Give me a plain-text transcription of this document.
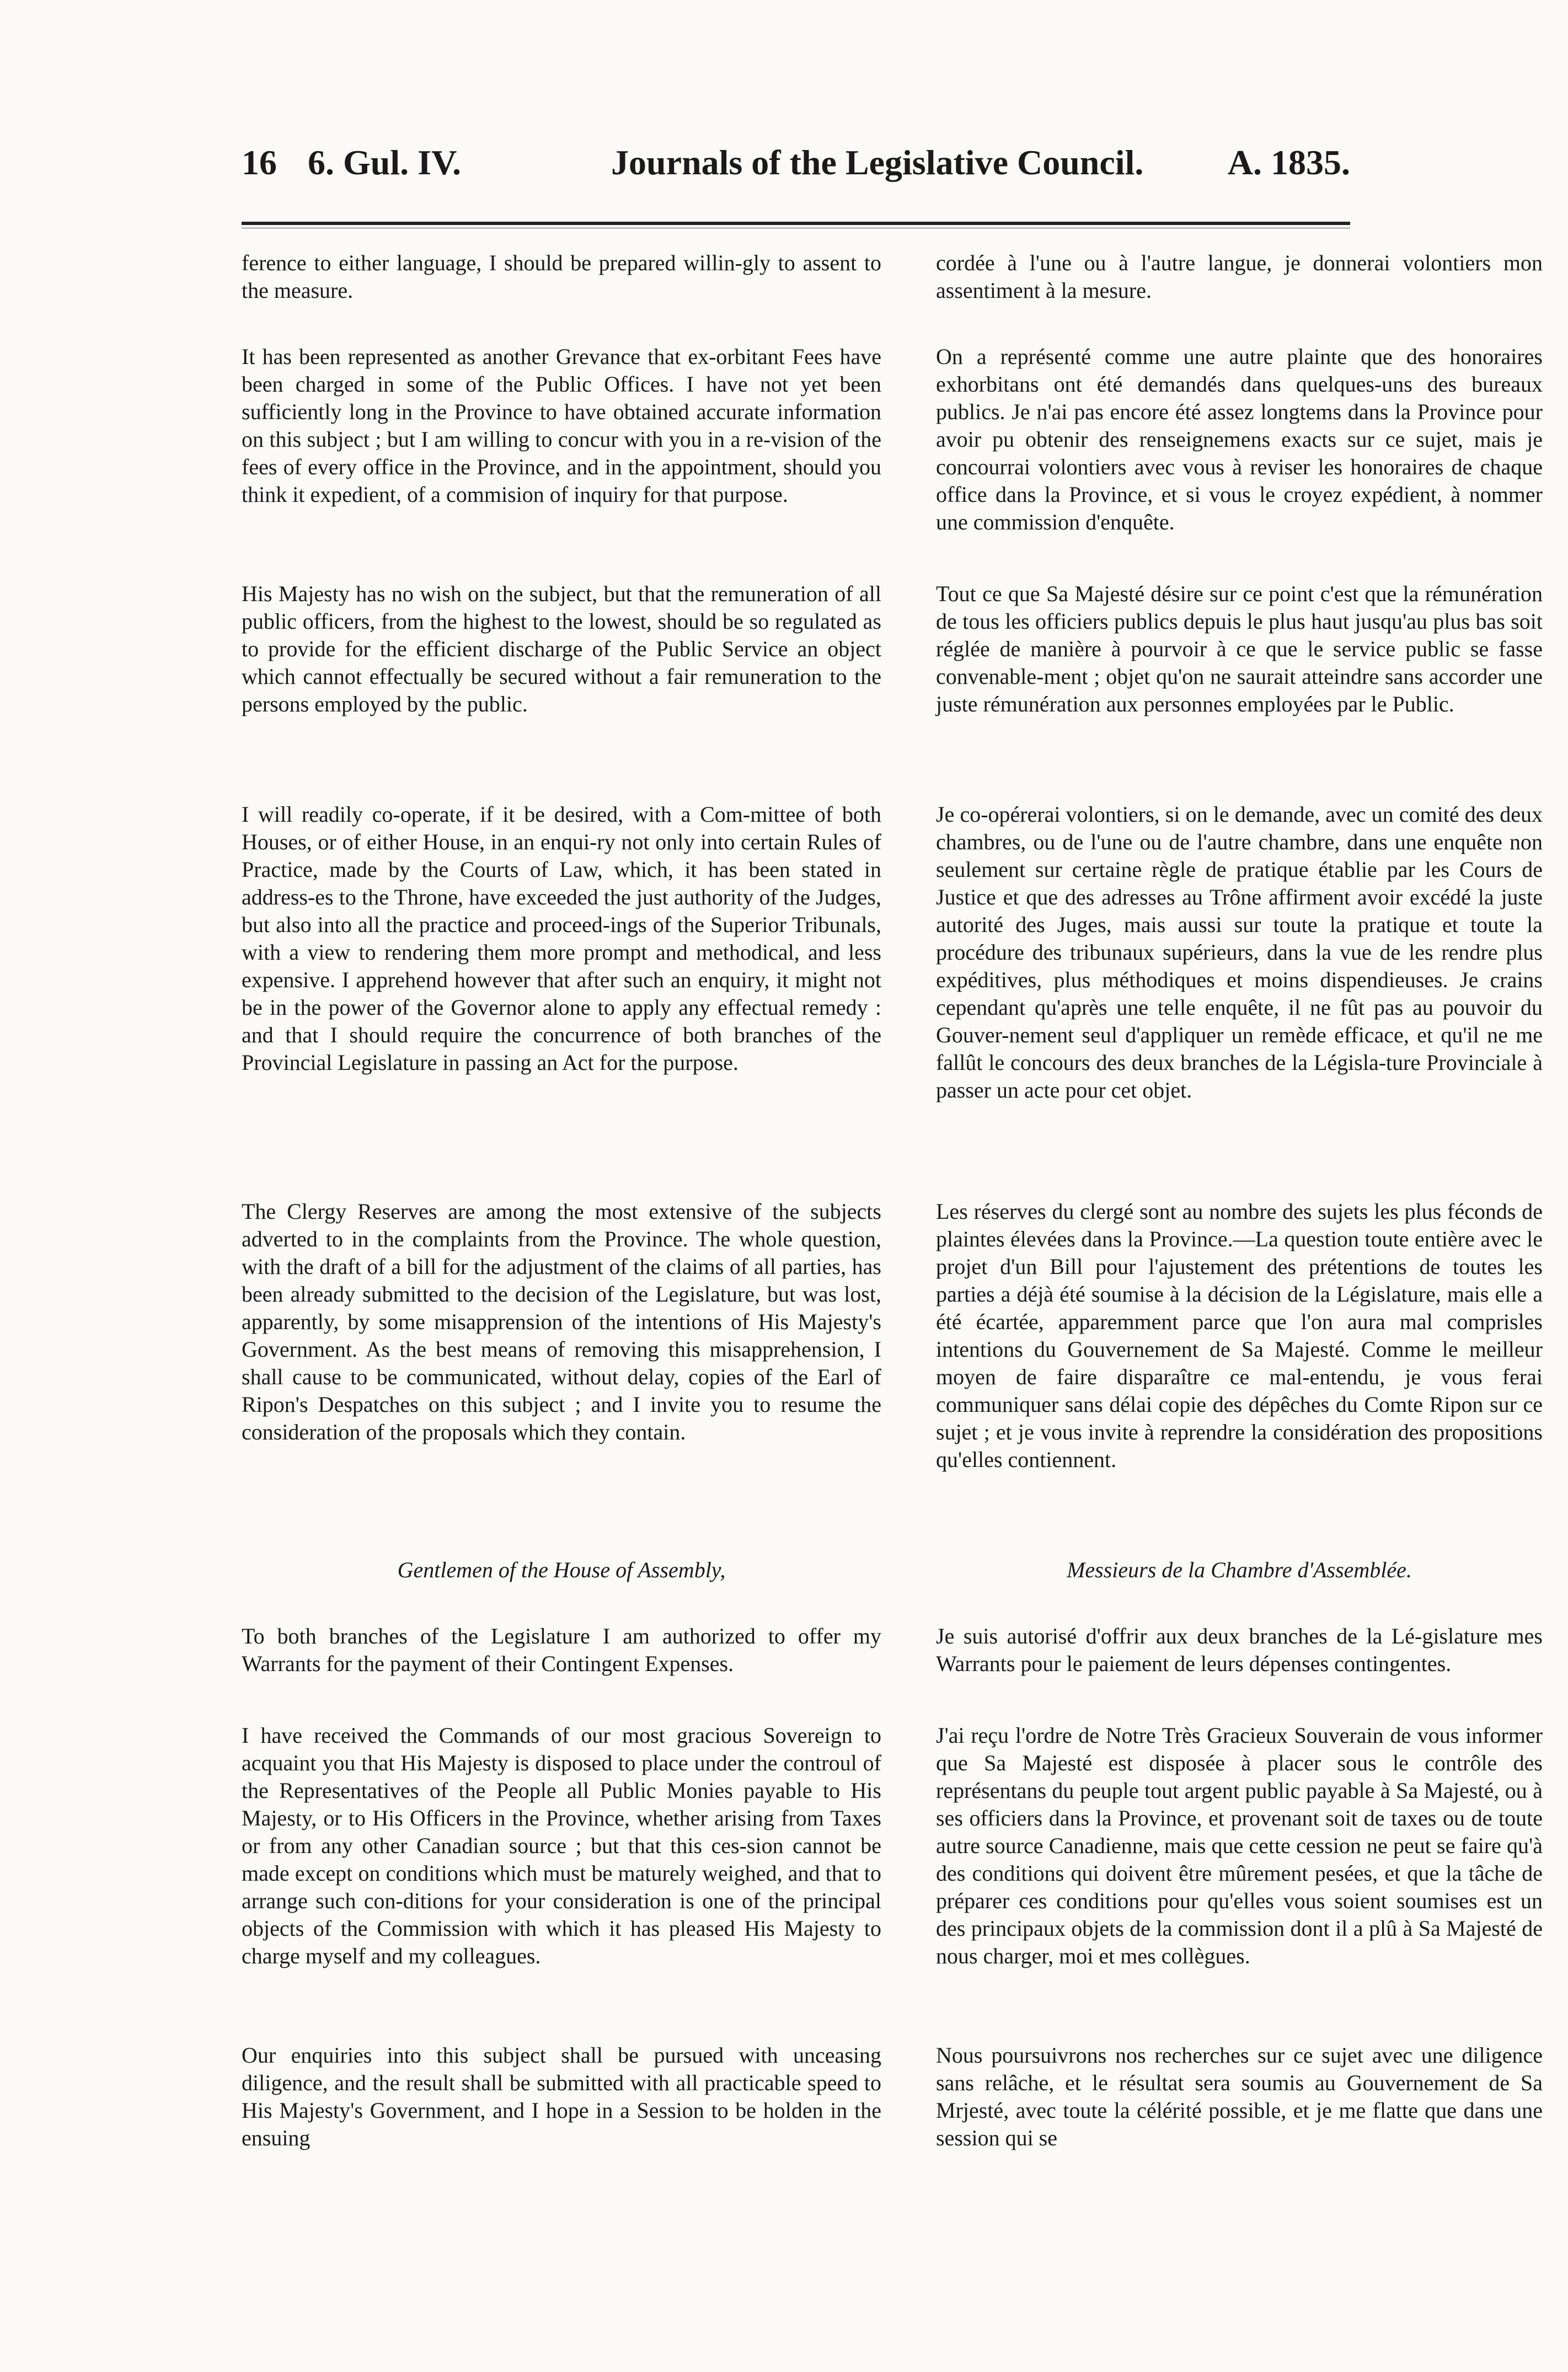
16 6. Gul. IV.	Journals of the Legislative Council. A. 1835.

ference to either language, I should be prepared willin-gly to assent to the measure.

It has been represented as another Grevance that ex-orbitant Fees have been charged in some of the Public Offices. I have not yet been sufficiently long in the Province to have obtained accurate information on this subject ; but I am willing to concur with you in a re-vision of the fees of every office in the Province, and in the appointment, should you think it expedient, of a commision of inquiry for that purpose.

His Majesty has no wish on the subject, but that the remuneration of all public officers, from the highest to the lowest, should be so regulated as to provide for the efficient discharge of the Public Service an object which cannot effectually be secured without a fair remuneration to the persons employed by the public.

I will readily co-operate, if it be desired, with a Com-mittee of both Houses, or of either House, in an enqui-ry not only into certain Rules of Practice, made by the Courts of Law, which, it has been stated in address-es to the Throne, have exceeded the just authority of the Judges, but also into all the practice and proceed-ings of the Superior Tribunals, with a view to rendering them more prompt and methodical, and less expensive. I apprehend however that after such an enquiry, it might not be in the power of the Governor alone to apply any effectual remedy : and that I should require the concurrence of both branches of the Provincial Legislature in passing an Act for the purpose.

The Clergy Reserves are among the most extensive of the subjects adverted to in the complaints from the Province. The whole question, with the draft of a bill for the adjustment of the claims of all parties, has been already submitted to the decision of the Legislature, but was lost, apparently, by some misapprension of the intentions of His Majesty's Government. As the best means of removing this misapprehension, I shall cause to be communicated, without delay, copies of the Earl of Ripon's Despatches on this subject ; and I invite you to resume the consideration of the proposals which they contain.

Gentlemen of the House of Assembly,

To both branches of the Legislature I am authorized to offer my Warrants for the payment of their Contingent Expenses.

I have received the Commands of our most gracious Sovereign to acquaint you that His Majesty is disposed to place under the controul of the Representatives of the People all Public Monies payable to His Majesty, or to His Officers in the Province, whether arising from Taxes or from any other Canadian source ; but that this ces-sion cannot be made except on conditions which must be maturely weighed, and that to arrange such con-ditions for your consideration is one of the principal objects of the Commission with which it has pleased His Majesty to charge myself and my colleagues.

Our enquiries into this subject shall be pursued with unceasing diligence, and the result shall be submitted with all practicable speed to His Majesty's Government, and I hope in a Session to be holden in the ensuing

cordée à l'une ou à l'autre langue, je donnerai volontiers mon assentiment à la mesure.

On a représenté comme une autre plainte que des honoraires exhorbitans ont été demandés dans quelques-uns des bureaux publics. Je n'ai pas encore été assez longtems dans la Province pour avoir pu obtenir des renseignemens exacts sur ce sujet, mais je concourrai volontiers avec vous à reviser les honoraires de chaque office dans la Province, et si vous le croyez expédient, à nommer une commission d'enquête.

Tout ce que Sa Majesté désire sur ce point c'est que la rémunération de tous les officiers publics depuis le plus haut jusqu'au plus bas soit réglée de manière à pourvoir à ce que le service public se fasse convenable-ment ; objet qu'on ne saurait atteindre sans accorder une juste rémunération aux personnes employées par le Public.

Je co-opérerai volontiers, si on le demande, avec un comité des deux chambres, ou de l'une ou de l'autre chambre, dans une enquête non seulement sur certaine règle de pratique établie par les Cours de Justice et que des adresses au Trône affirment avoir excédé la juste autorité des Juges, mais aussi sur toute la pratique et toute la procédure des tribunaux supérieurs, dans la vue de les rendre plus expéditives, plus méthodiques et moins dispendieuses. Je crains cependant qu'après une telle enquête, il ne fût pas au pouvoir du Gouver-nement seul d'appliquer un remède efficace, et qu'il ne me fallût le concours des deux branches de la Législa-ture Provinciale à passer un acte pour cet objet.

Les réserves du clergé sont au nombre des sujets les plus féconds de plaintes élevées dans la Province.—La question toute entière avec le projet d'un Bill pour l'ajustement des prétentions de toutes les parties a déjà été soumise à la décision de la Législature, mais elle a été écartée, apparemment parce que l'on aura mal comprisles intentions du Gouvernement de Sa Majesté. Comme le meilleur moyen de faire disparaître ce mal-entendu, je vous ferai communiquer sans délai copie des dépêches du Comte Ripon sur ce sujet ; et je vous invite à reprendre la considération des propositions qu'elles contiennent.

Messieurs de la Chambre d'Assemblée.

Je suis autorisé d'offrir aux deux branches de la Lé-gislature mes Warrants pour le paiement de leurs dépenses contingentes.

J'ai reçu l'ordre de Notre Très Gracieux Souverain de vous informer que Sa Majesté est disposée à placer sous le contrôle des représentans du peuple tout argent public payable à Sa Majesté, ou à ses officiers dans la Province, et provenant soit de taxes ou de toute autre source Canadienne, mais que cette cession ne peut se faire qu'à des conditions qui doivent être mûrement pesées, et que la tâche de préparer ces conditions pour qu'elles vous soient soumises est un des principaux objets de la commission dont il a plû à Sa Majesté de nous charger, moi et mes collègues.

Nous poursuivrons nos recherches sur ce sujet avec une diligence sans relâche, et le résultat sera soumis au Gouvernement de Sa Mrjesté, avec toute la célérité possible, et je me flatte que dans une session qui se
